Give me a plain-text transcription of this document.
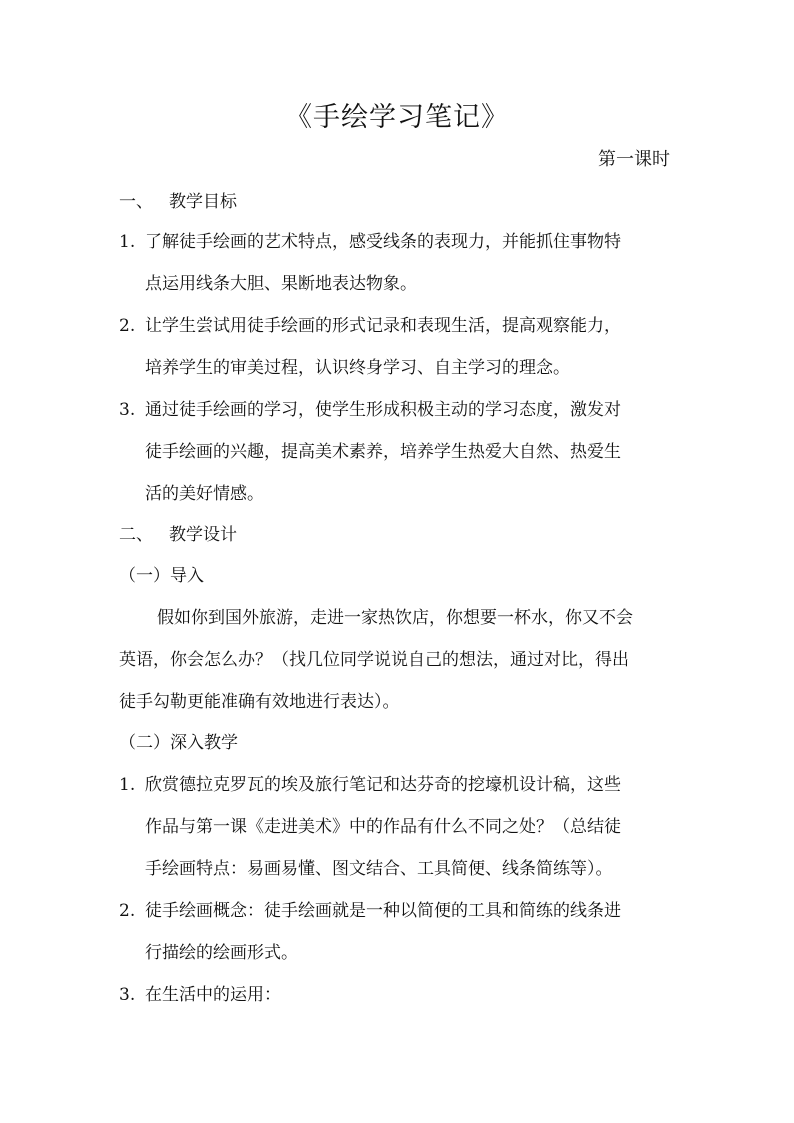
《手绘学习笔记》
第一课时
一、 教学目标
1. 了解徒手绘画的艺术特点，感受线条的表现力，并能抓住事物特
点运用线条大胆、果断地表达物象。
2. 让学生尝试用徒手绘画的形式记录和表现生活，提高观察能力，
培养学生的审美过程，认识终身学习、自主学习的理念。
3. 通过徒手绘画的学习，使学生形成积极主动的学习态度，激发对
徒手绘画的兴趣，提高美术素养，培养学生热爱大自然、热爱生
活的美好情感。
二、 教学设计
（一）导入
假如你到国外旅游，走进一家热饮店，你想要一杯水，你又不会
英语，你会怎么办？（找几位同学说说自己的想法，通过对比，得出
徒手勾勒更能准确有效地进行表达）。
（二）深入教学
1. 欣赏德拉克罗瓦的埃及旅行笔记和达芬奇的挖壕机设计稿，这些
作品与第一课《走进美术》中的作品有什么不同之处？（总结徒
手绘画特点：易画易懂、图文结合、工具简便、线条简练等）。
2. 徒手绘画概念：徒手绘画就是一种以简便的工具和简练的线条进
行描绘的绘画形式。
3. 在生活中的运用：
